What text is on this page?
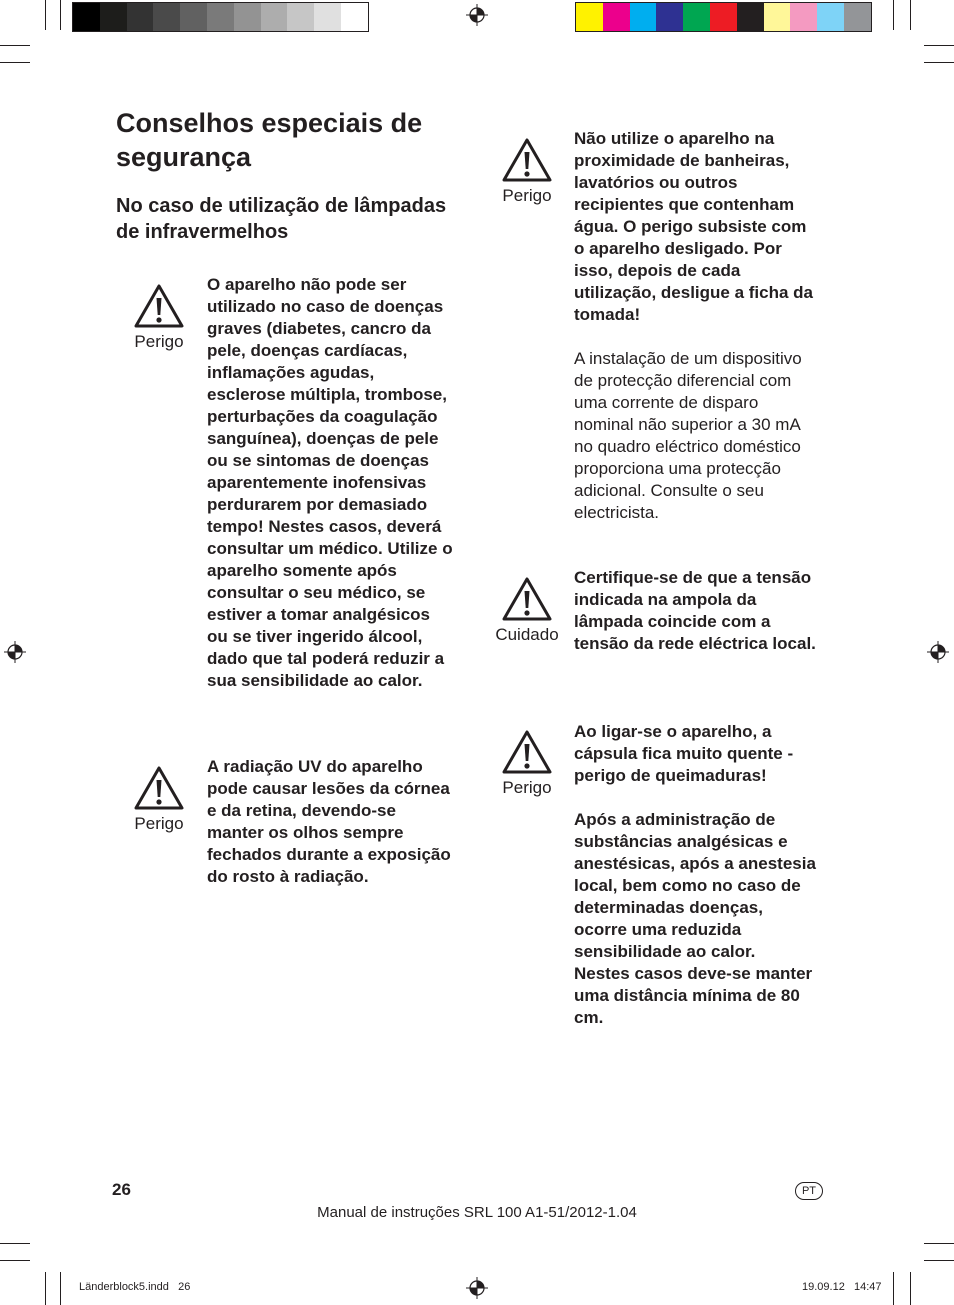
Conselhos especiais de segurança
No caso de utilização de lâmpadas de infravermelhos
Perigo
O aparelho não pode ser utilizado no caso de doenças graves (diabetes, cancro da pele, doenças cardíacas, inflamações agudas, esclerose múltipla, trombose, perturbações da coagulação sanguínea), doenças de pele ou se sintomas de doenças aparentemente inofensivas perdurarem por demasiado tempo! Nestes casos, deverá consultar um médico. Utilize o aparelho somente após consultar o seu médico, se estiver a tomar analgésicos ou se tiver ingerido álcool, dado que tal poderá reduzir a sua sensibilidade ao calor.
Perigo
A radiação UV do aparelho pode causar lesões da córnea e da retina, devendo-se manter os olhos sempre fechados durante a exposição do rosto à radiação.
Perigo

Não utilize o aparelho na proximidade de banheiras, lavatórios ou outros recipientes que contenham água. O perigo subsiste com o aparelho desligado. Por isso, depois de cada utilização, desligue a ficha da tomada!

A instalação de um dispositivo de protecção diferencial com uma corrente de disparo nominal não superior a 30 mA no quadro eléctrico doméstico proporciona uma protecção adicional. Consulte o seu electricista.

Cuidado
Certifique-se de que a tensão indicada na ampola da lâmpada coincide com a tensão da rede eléctrica local.
Perigo

Ao ligar-se o aparelho, a cápsula fica muito quente - perigo de queimaduras!

Após a administração de substâncias analgésicas e anestésicas, após a anestesia local, bem como no caso de determinadas doenças, ocorre uma reduzida sensibilidade ao calor.

Nestes casos deve-se manter uma distância mínima de 80 cm.

26	PT
Manual de instruções SRL 100 A1-51/2012-1.04
Länderblock5.indd   26	19.09.12   14:47
